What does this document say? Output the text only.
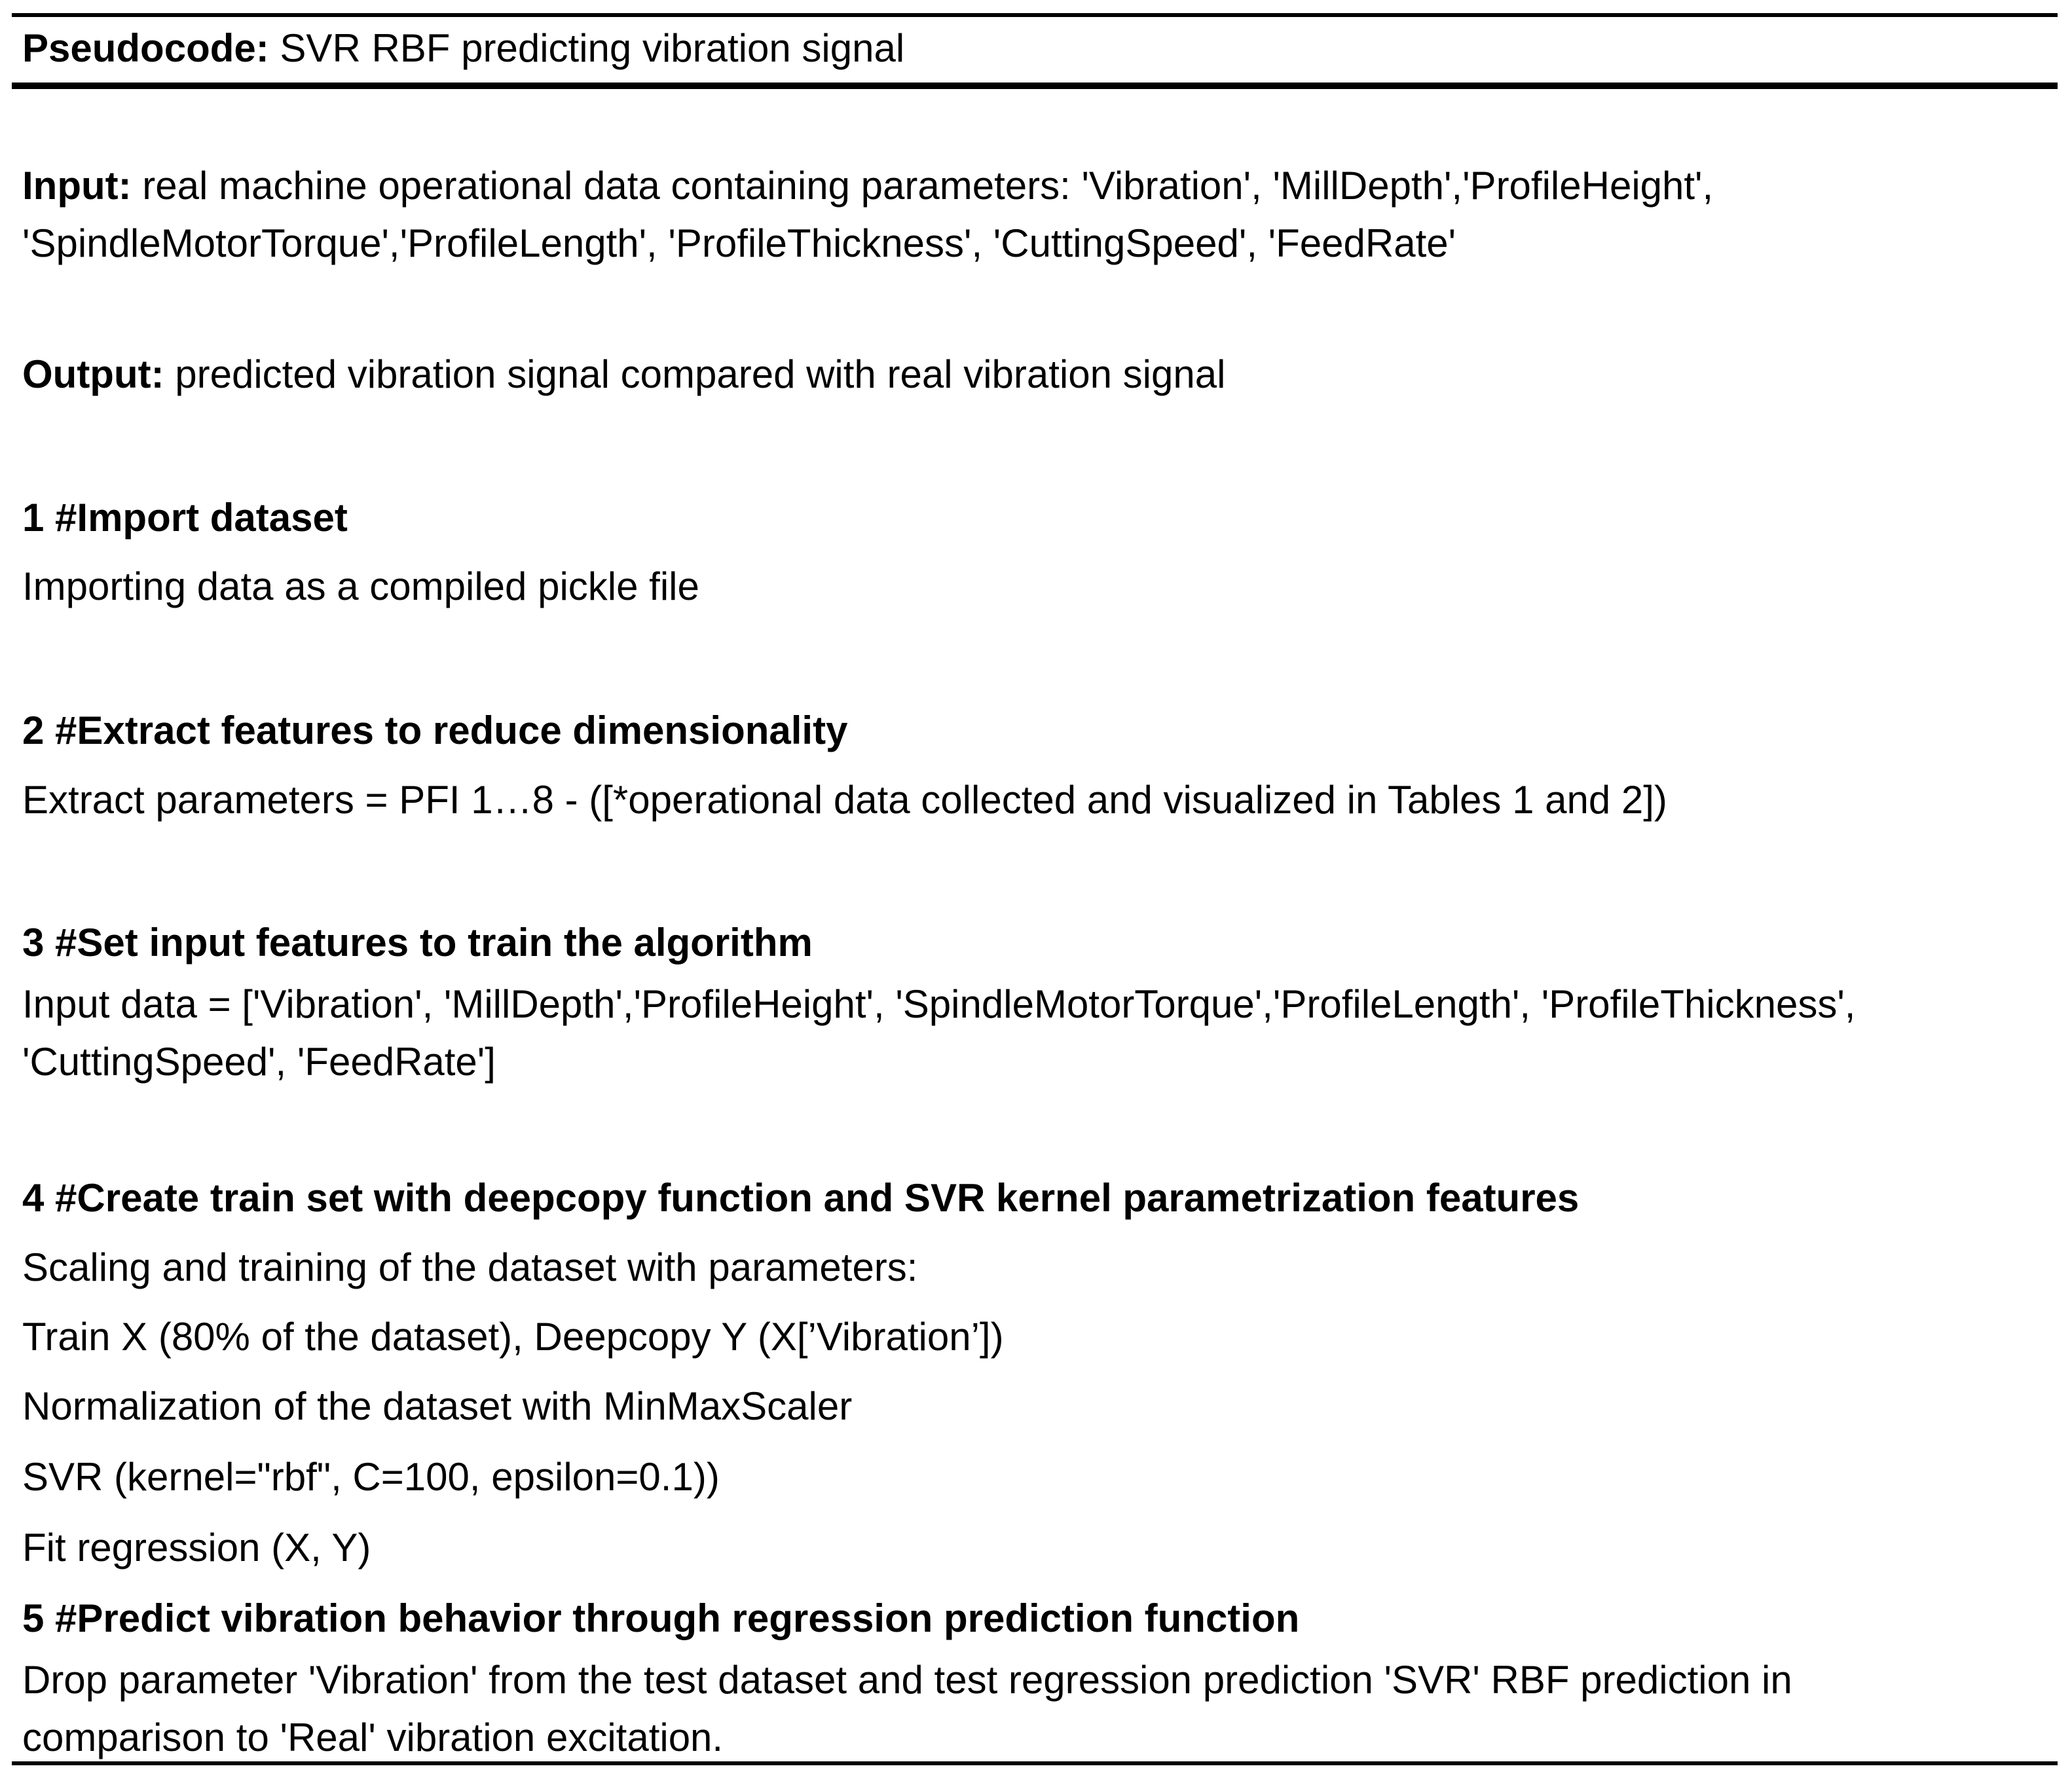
Pseudocode: SVR RBF predicting vibration signal
Input: real machine operational data containing parameters: 'Vibration', 'MillDepth','ProfileHeight',
'SpindleMotorTorque','ProfileLength', 'ProfileThickness', 'CuttingSpeed', 'FeedRate'
Output: predicted vibration signal compared with real vibration signal
1 #Import dataset
Importing data as a compiled pickle file
2 #Extract features to reduce dimensionality
Extract parameters = PFI 1…8 - ([*operational data collected and visualized in Tables 1 and 2])
3 #Set input features to train the algorithm
Input data = ['Vibration', 'MillDepth','ProfileHeight', 'SpindleMotorTorque','ProfileLength', 'ProfileThickness',
'CuttingSpeed', 'FeedRate']
4 #Create train set with deepcopy function and SVR kernel parametrization features
Scaling and training of the dataset with parameters:
Train X (80% of the dataset), Deepcopy Y (X[’Vibration’])
Normalization of the dataset with MinMaxScaler
SVR (kernel="rbf", C=100, epsilon=0.1))
Fit regression (X, Y)
5 #Predict vibration behavior through regression prediction function
Drop parameter 'Vibration' from the test dataset and test regression prediction 'SVR' RBF prediction in
comparison to 'Real' vibration excitation.
